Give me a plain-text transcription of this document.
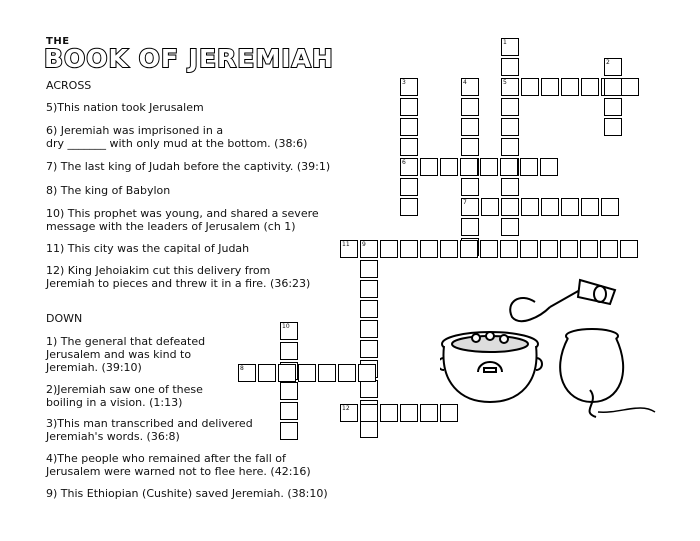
THE
BOOK OF JEREMIAH
ACROSS
5)This nation took Jerusalem
6) Jeremiah was imprisoned in a
dry _______ with only mud at the bottom. (38:6)
7) The last king of Judah before the captivity. (39:1)
8) The king of Babylon
10) This prophet was young, and shared a severe
message with the leaders of Jerusalem (ch 1)
11) This city was the capital of Judah
12) King Jehoiakim cut this delivery from
Jeremiah to pieces and threw it in a fire. (36:23)
DOWN
1) The general that defeated
Jerusalem and was kind to
Jeremiah. (39:10)
2)Jeremiah saw one of these
boiling in a vision. (1:13)
3)This man transcribed and delivered
Jeremiah's words. (36:8)
4)The people who remained after the fall of
Jerusalem were warned not to flee here. (42:16)
9) This Ethiopian (Cushite) saved Jeremiah. (38:10)
1
2
3	4	5
6
7
8
9
10
11
12
